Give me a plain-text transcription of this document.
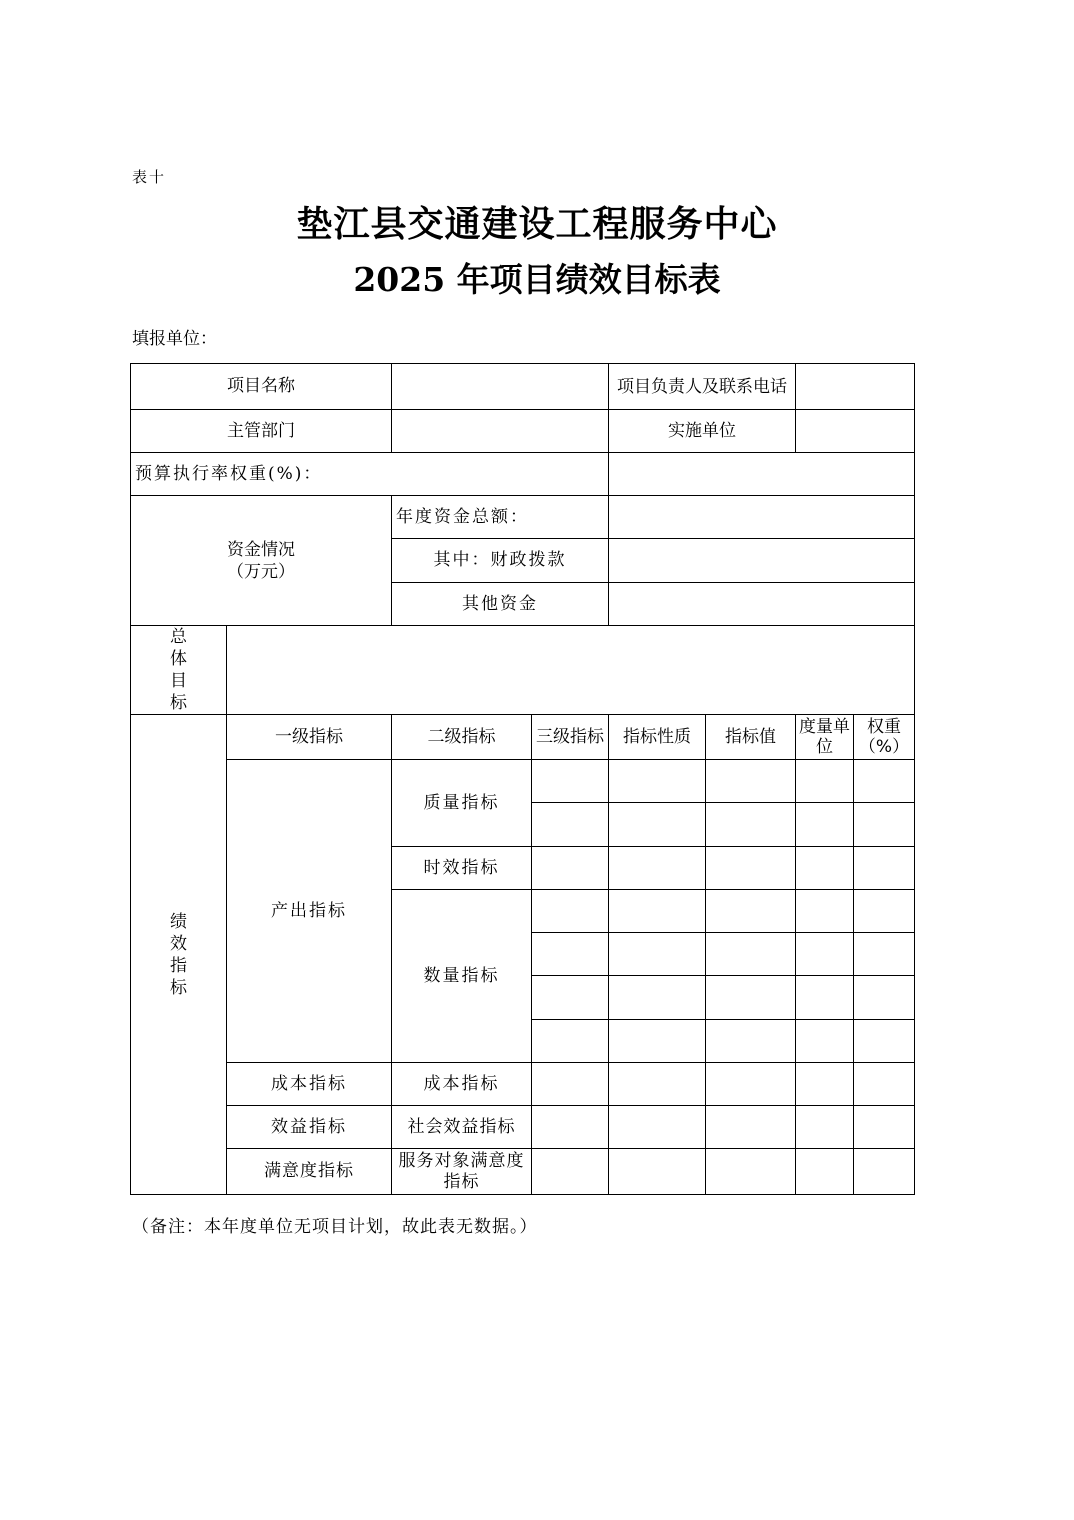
表十
垫江县交通建设工程服务中心
2025 年项目绩效目标表
填报单位：
项目名称				项目负责人及联系电话			
主管部门				实施单位			
预算执行率权重(%)：							

资金情况（万元）		年度资金总额：					
		其中：财政拨款					
		其他资金					
总体目标							
绩效指标	一级指标	二级指标	三级指标	指标性质	指标值	度量单位	权重（%）
	产出指标	质量指标					

		时效指标					
		数量指标					

	成本指标	成本指标					
	效益指标	社会效益指标					
	满意度指标	服务对象满意度指标					

（备注：本年度单位无项目计划，故此表无数据。）
